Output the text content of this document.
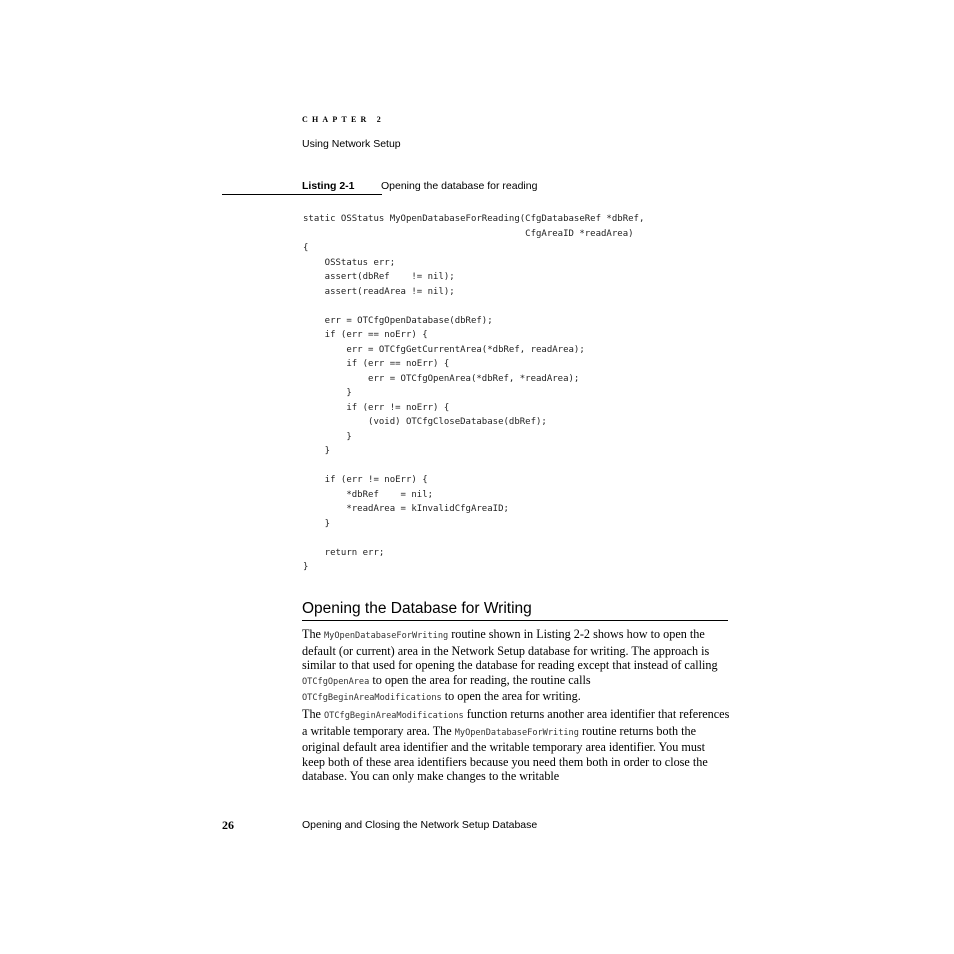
CHAPTER 2
Using Network Setup
Listing 2-1	Opening the database for reading
static OSStatus MyOpenDatabaseForReading(CfgDatabaseRef *dbRef,
CfgAreaID *readArea)
{
OSStatus err;
assert(dbRef    != nil);
assert(readArea != nil);

err = OTCfgOpenDatabase(dbRef);
if (err == noErr) {
err = OTCfgGetCurrentArea(*dbRef, readArea);
if (err == noErr) {
err = OTCfgOpenArea(*dbRef, *readArea);
}
if (err != noErr) {
(void) OTCfgCloseDatabase(dbRef);
}
}

if (err != noErr) {
*dbRef    = nil;
*readArea = kInvalidCfgAreaID;
}

return err;
}
Opening the Database for Writing
The MyOpenDatabaseForWriting routine shown in Listing 2-2 shows how to open the default (or current) area in the Network Setup database for writing. The approach is similar to that used for opening the database for reading except that instead of calling OTCfgOpenArea to open the area for reading, the routine calls OTCfgBeginAreaModifications to open the area for writing.
The OTCfgBeginAreaModifications function returns another area identifier that references a writable temporary area. The MyOpenDatabaseForWriting routine returns both the original default area identifier and the writable temporary area identifier. You must keep both of these area identifiers because you need them both in order to close the database. You can only make changes to the writable
26	Opening and Closing the Network Setup Database
